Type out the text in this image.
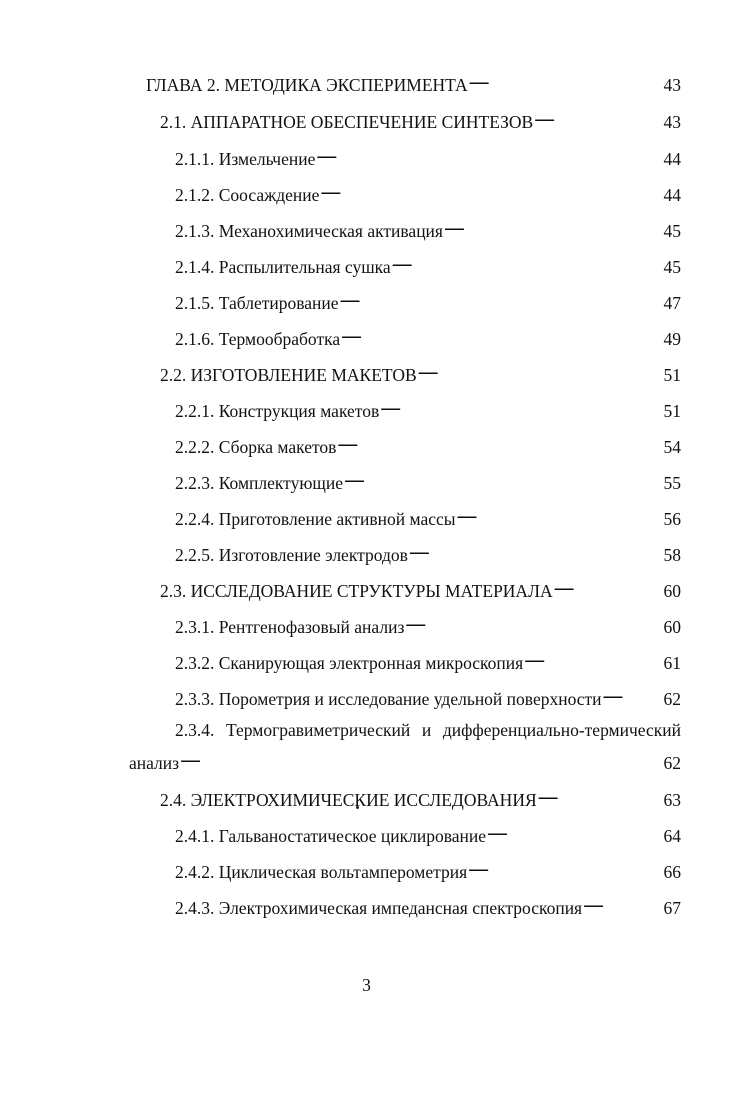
ГЛАВА 2. МЕТОДИКА ЭКСПЕРИМЕНТА . . .	43
2.1. АППАРАТНОЕ ОБЕСПЕЧЕНИЕ СИНТЕЗОВ . . .	43
2.1.1. Измельчение . . .	44
2.1.2. Соосаждение . . .	44
2.1.3. Механохимическая активация . . .	45
2.1.4. Распылительная сушка . . .	45
2.1.5. Таблетирование . . .	47
2.1.6. Термообработка . . .	49
2.2. ИЗГОТОВЛЕНИЕ МАКЕТОВ . . .	51
2.2.1. Конструкция макетов . . .	51
2.2.2. Сборка макетов . . .	54
2.2.3. Комплектующие . . .	55
2.2.4. Приготовление активной массы . . .	56
2.2.5. Изготовление электродов . . .	58
2.3. ИССЛЕДОВАНИЕ СТРУКТУРЫ МАТЕРИАЛА . . .	60
2.3.1. Рентгенофазовый анализ . . .	60
2.3.2. Сканирующая электронная микроскопия . . .	61
2.3.3. Порометрия и исследование удельной поверхности . . .	62
2.3.4. Термогравиметрический и дифференциально-термический
анализ . . .	62
2.4. ЭЛЕКТРОХИМИЧЕСКИЕ ИССЛЕДОВАНИЯ . . .	63
2.4.1. Гальваностатическое циклирование . . .	64
2.4.2. Циклическая вольтамперометрия . . .	66
2.4.3. Электрохимическая импедансная спектроскопия . . .	67
3
